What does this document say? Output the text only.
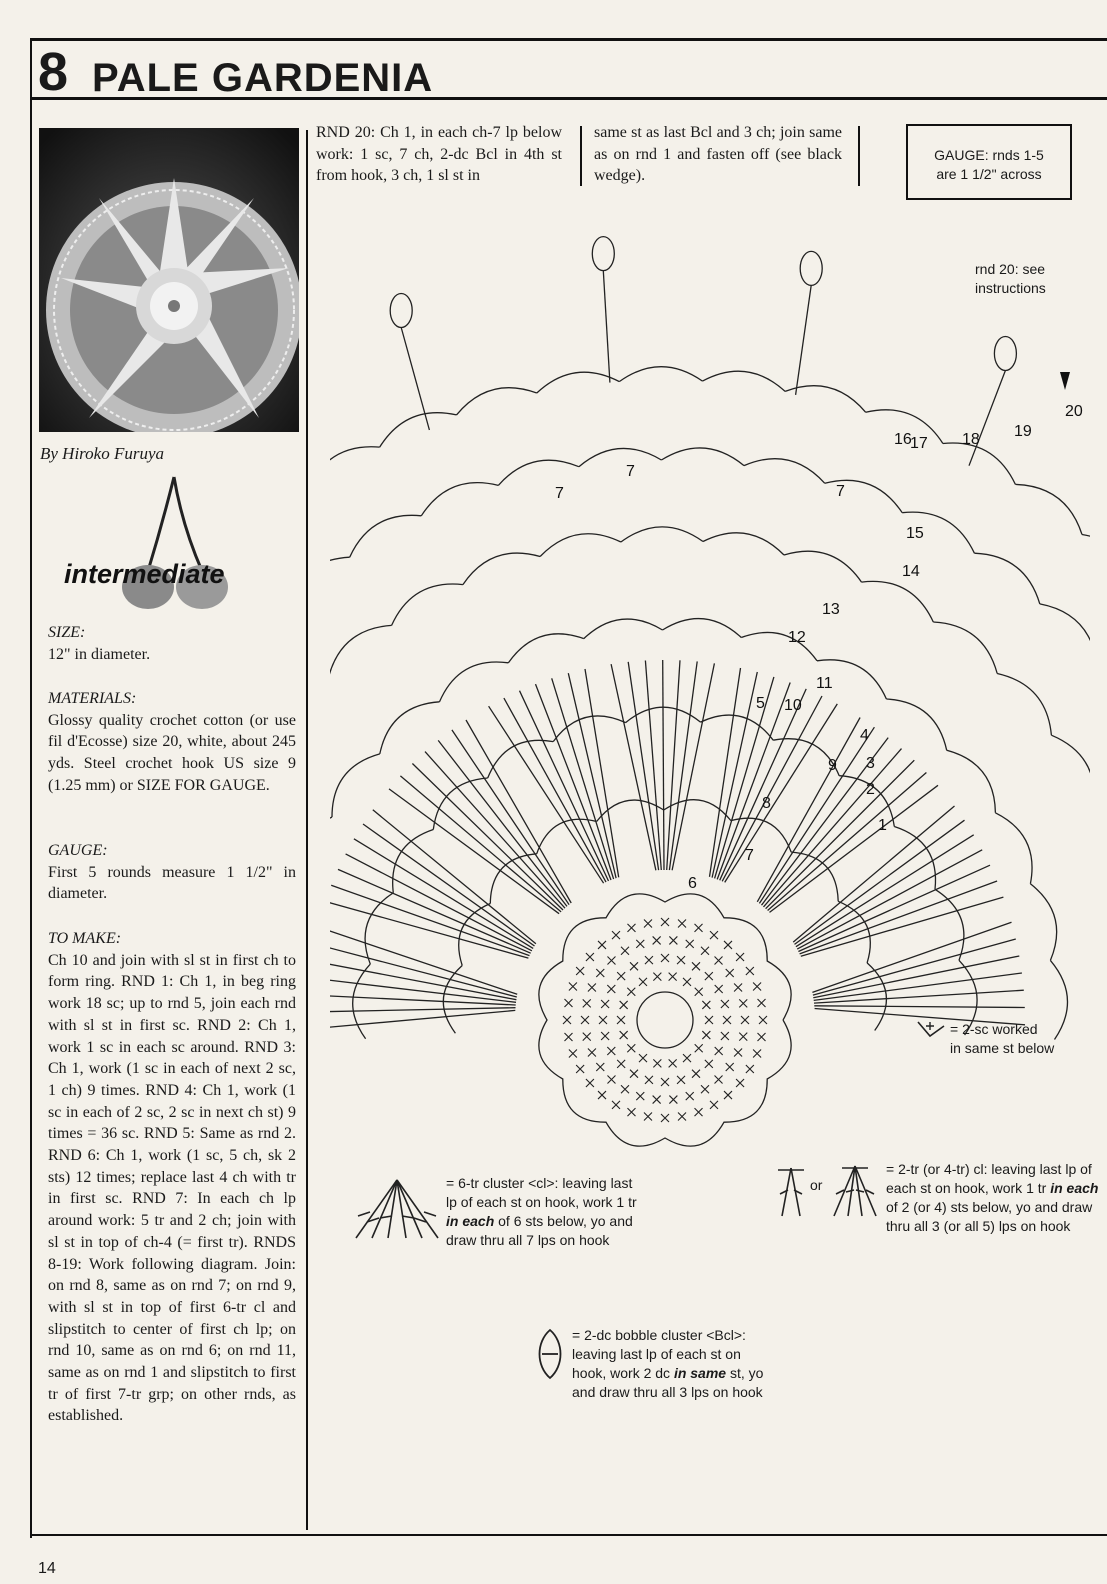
8 PALE GARDENIA
By Hiroko Furuya
intermediate
SIZE:
12" in diameter.
MATERIALS:
Glossy quality crochet cotton (or use fil d'Ecosse) size 20, white, about 245 yds. Steel crochet hook US size 9 (1.25 mm) or SIZE FOR GAUGE.
GAUGE:
First 5 rounds measure 1 1/2" in diameter.
TO MAKE:
Ch 10 and join with sl st in first ch to form ring. RND 1: Ch 1, in beg ring work 18 sc; up to rnd 5, join each rnd with sl st in first sc. RND 2: Ch 1, work 1 sc in each sc around. RND 3: Ch 1, work (1 sc in each of next 2 sc, 1 ch) 9 times. RND 4: Ch 1, work (1 sc in each of 2 sc, 2 sc in next ch st) 9 times = 36 sc. RND 5: Same as rnd 2. RND 6: Ch 1, work (1 sc, 5 ch, sk 2 sts) 12 times; replace last 4 ch with tr in first sc. RND 7: In each ch lp around work: 5 tr and 2 ch; join with sl st in top of ch-4 (= first tr). RNDS 8-19: Work following diagram. Join: on rnd 8, same as on rnd 7; on rnd 9, with sl st in top of first 6-tr cl and slipstitch to center of first ch lp; on rnd 10, same as on rnd 6; on rnd 11, same as on rnd 1 and slipstitch to first tr of first 7-tr grp; on other rnds, as established.
RND 20: Ch 1, in each ch-7 lp below work: 1 sc, 7 ch, 2-dc Bcl in 4th st from hook, 3 ch, 1 sl st in
same st as last Bcl and 3 ch; join same as on rnd 1 and fasten off (see black wedge).
GAUGE: rnds 1-5
are 1 1/2" across
rnd 20: see
instructions
1
2
3
4
5
6
7
7
7	7
8
9
10
11
12
13
14
15
16
17 18 19
20
= 2-sc worked
in same st below
= 6-tr cluster <cl>: leaving last
lp of each st on hook, work 1 tr
in each of 6 sts below, yo and
draw thru all 7 lps on hook
or
= 2-tr (or 4-tr) cl: leaving last lp of
each st on hook, work 1 tr in each
of 2 (or 4) sts below, yo and draw
thru all 3 (or all 5) lps on hook
= 2-dc bobble cluster <Bcl>:
leaving last lp of each st on
hook, work 2 dc in same st, yo
and draw thru all 3 lps on hook
14
